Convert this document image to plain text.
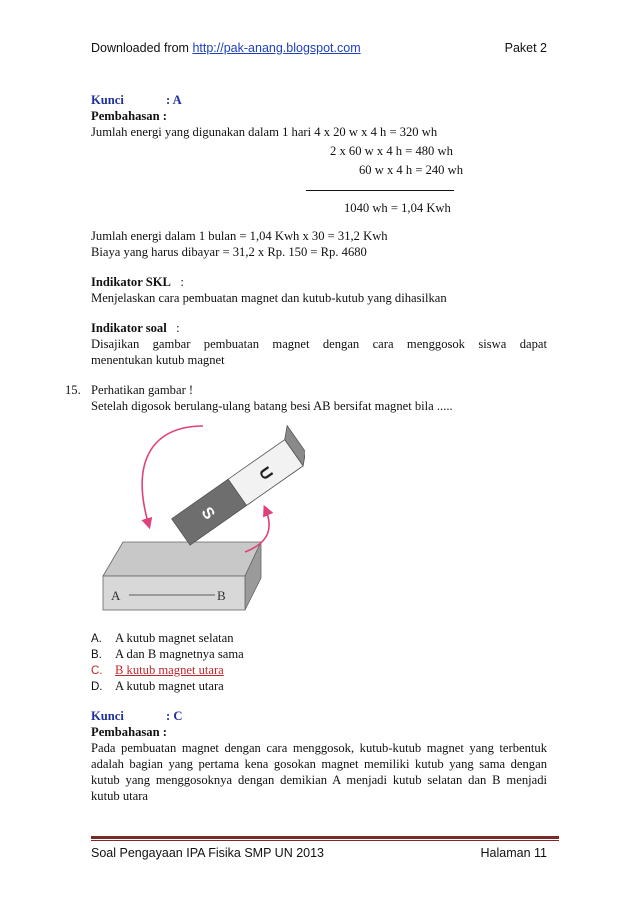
Downloaded from http://pak-anang.blogspot.com	Paket 2
Kunci	: A
Pembahasan :
Jumlah energi yang digunakan dalam 1 hari 4 x 20 w x 4 h = 320 wh
2 x 60 w x 4 h = 480 wh
60 w x 4 h = 240 wh
1040 wh = 1,04 Kwh
Jumlah energi dalam 1 bulan = 1,04 Kwh x 30 = 31,2 Kwh
Biaya yang harus dibayar = 31,2 x Rp. 150 = Rp. 4680
Indikator SKL :
Menjelaskan cara pembuatan magnet dan kutub-kutub yang dihasilkan
Indikator soal :
Disajikan gambar pembuatan magnet dengan cara menggosok siswa dapat
menentukan kutub magnet
15. Perhatikan gambar !
Setelah digosok berulang-ulang batang besi AB bersifat magnet bila .....
A	B
S
U
A. A kutub magnet selatan
B. A dan B magnetnya sama
C. B kutub magnet utara
D. A kutub magnet utara
Kunci	: C
Pembahasan :
Pada pembuatan magnet dengan cara menggosok, kutub-kutub magnet yang terbentuk adalah bagian yang pertama kena gosokan magnet memiliki kutub yang sama dengan kutub yang menggosoknya dengan demikian A menjadi kutub selatan dan B menjadi kutub utara
Soal Pengayaan IPA Fisika SMP UN 2013	Halaman 11
